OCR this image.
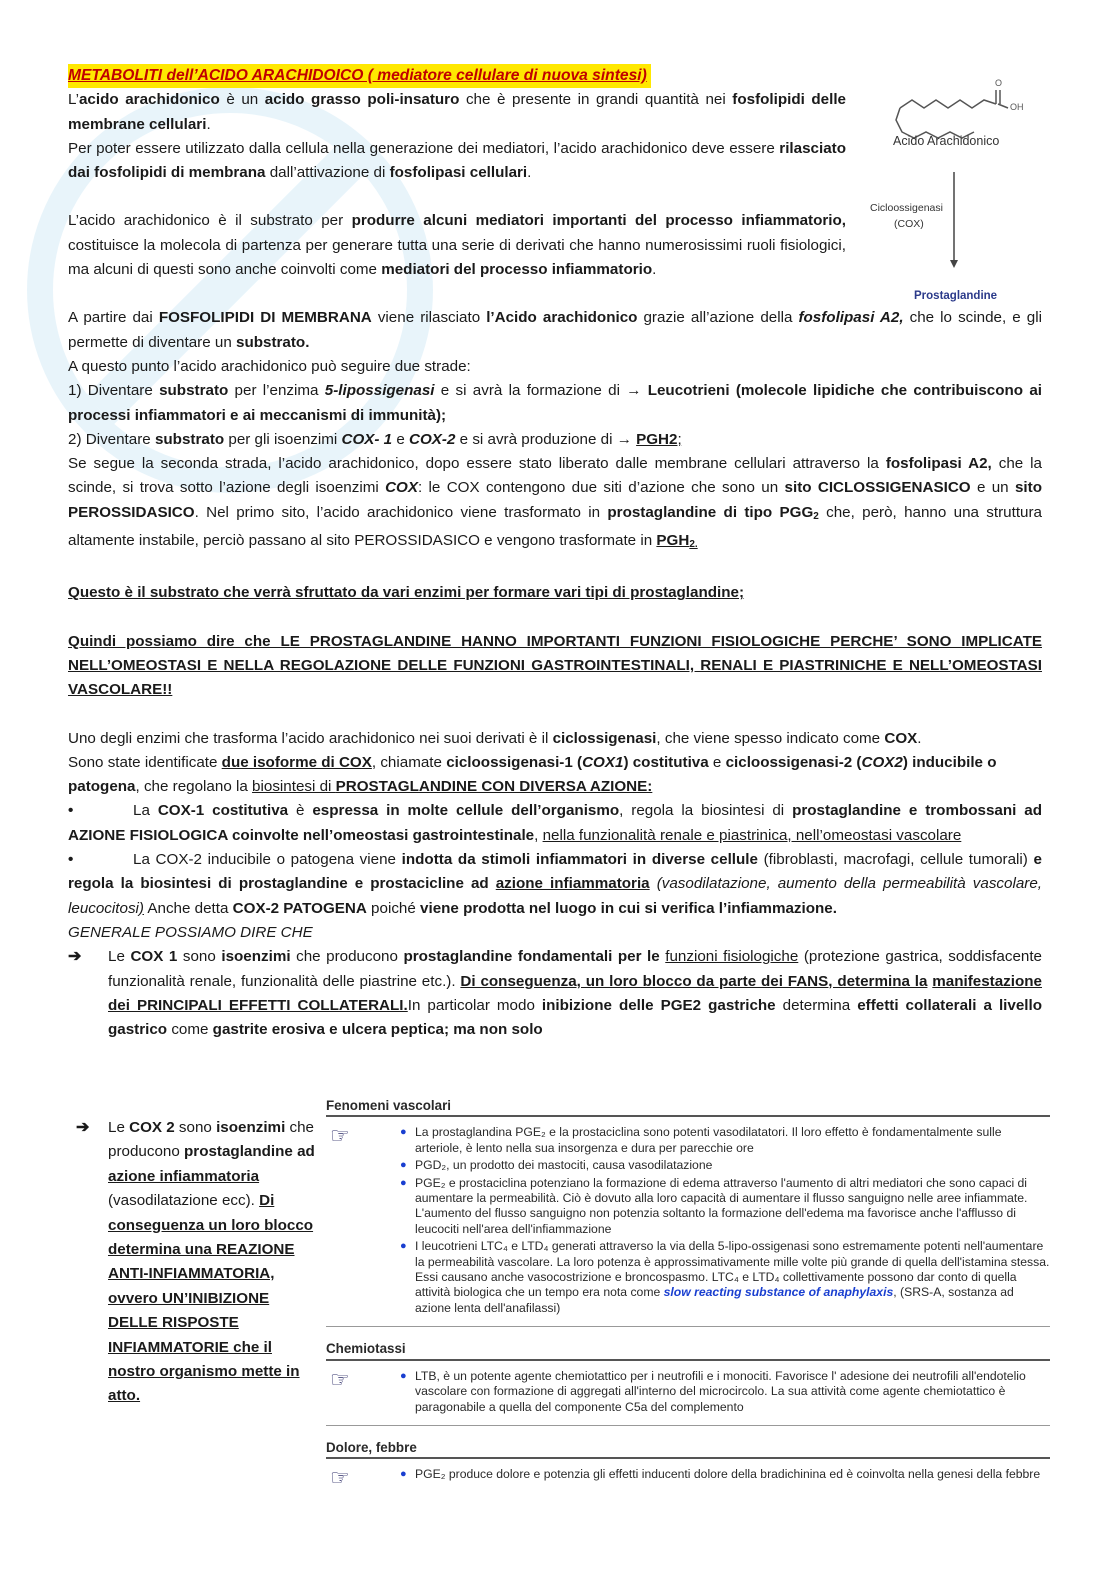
O
OH
Acido Arachidonico
Cicloossigenasi
(COX)
Prostaglandine

METABOLITI dell’ACIDO ARACHIDOICO ( mediatore cellulare di nuova sintesi)

L’acido arachidonico è un acido grasso poli-insaturo che è presente in grandi quantità nei fosfolipidi delle membrane cellulari.

Per poter essere utilizzato dalla cellula nella generazione dei mediatori, l’acido arachidonico deve essere rilasciato dai fosfolipidi di membrana dall’attivazione di fosfolipasi cellulari.

L’acido arachidonico è il substrato per produrre alcuni mediatori importanti del processo infiammatorio, costituisce la molecola di partenza per generare tutta una serie di derivati che hanno numerosissimi ruoli fisiologici, ma alcuni di questi sono anche coinvolti come mediatori del processo infiammatorio.

A partire dai FOSFOLIPIDI DI MEMBRANA viene rilasciato l’Acido arachidonico grazie all’azione della fosfolipasi A2, che lo scinde, e gli permette di diventare un substrato.

A questo punto l’acido arachidonico può seguire due strade:

1) Diventare substrato per l’enzima 5-lipossigenasi e si avrà la formazione di → Leucotrieni (molecole lipidiche che contribuiscono ai processi infiammatori e ai meccanismi di immunità);

2) Diventare substrato per gli isoenzimi COX- 1 e COX-2 e si avrà produzione di → PGH2;

Se segue la seconda strada, l’acido arachidonico, dopo essere stato liberato dalle membrane cellulari attraverso la fosfolipasi A2, che la scinde, si trova sotto l’azione degli isoenzimi COX: le COX contengono due siti d’azione che sono un sito CICLOSSIGENASICO e un sito PEROSSIDASICO. Nel primo sito, l’acido arachidonico viene trasformato in prostaglandine di tipo PGG2 che, però, hanno una struttura altamente instabile, perciò passano al sito PEROSSIDASICO e vengono trasformate in PGH2.

Questo è il substrato che verrà sfruttato da vari enzimi per formare vari tipi di prostaglandine;

Quindi possiamo dire che LE PROSTAGLANDINE HANNO IMPORTANTI FUNZIONI FISIOLOGICHE PERCHE’ SONO IMPLICATE NELL’OMEOSTASI E NELLA REGOLAZIONE DELLE FUNZIONI GASTROINTESTINALI, RENALI E PIASTRINICHE E NELL’OMEOSTASI VASCOLARE!!

Uno degli enzimi che trasforma l’acido arachidonico nei suoi derivati è il ciclossigenasi, che viene spesso indicato come COX.

Sono state identificate due isoforme di COX, chiamate cicloossigenasi-1 (COX1) costitutiva e cicloossigenasi-2 (COX2) inducibile o patogena, che regolano la biosintesi di PROSTAGLANDINE CON DIVERSA AZIONE:

•	La COX-1 costitutiva è espressa in molte cellule dell’organismo, regola la biosintesi di prostaglandine e trombossani ad AZIONE FISIOLOGICA coinvolte nell’omeostasi gastrointestinale, nella funzionalità renale e piastrinica, nell’omeostasi vascolare

•	La COX-2 inducibile o patogena viene indotta da stimoli infiammatori in diverse cellule (fibroblasti, macrofagi, cellule tumorali) e regola la biosintesi di prostaglandine e prostacicline ad azione infiammatoria (vasodilatazione, aumento della permeabilità vascolare, leucocitosi) Anche detta COX-2 PATOGENA poiché viene prodotta nel luogo in cui si verifica l’infiammazione.

GENERALE POSSIAMO DIRE CHE

➔	Le COX 1 sono isoenzimi che producono prostaglandine fondamentali per le funzioni fisiologiche (protezione gastrica, soddisfacente funzionalità renale, funzionalità delle piastrine etc.). Di conseguenza, un loro blocco da parte dei FANS, determina la manifestazione dei PRINCIPALI EFFETTI COLLATERALI.In particolar modo inibizione delle PGE2 gastriche determina effetti collaterali a livello gastrico come gastrite erosiva e ulcera peptica; ma non solo

➔	Le COX 2 sono isoenzimi che producono prostaglandine ad azione infiammatoria (vasodilatazione ecc). Di conseguenza un loro blocco determina una REAZIONE ANTI-INFIAMMATORIA, ovvero UN’INIBIZIONE DELLE RISPOSTE INFIAMMATORIE che il nostro organismo mette in atto.

Fenomeni vascolari
☞	● La prostaglandina PGE₂ e la prostaciclina sono potenti vasodilatatori. Il loro effetto è fondamentalmente sulle arteriole, è lento nella sua insorgenza e dura per parecchie ore
● PGD₂, un prodotto dei mastociti, causa vasodilatazione
● PGE₂ e prostaciclina potenziano la formazione di edema attraverso l'aumento di altri mediatori che sono capaci di aumentare la permeabilità. Ciò è dovuto alla loro capacità di aumentare il flusso sanguigno nelle aree infiammate. L'aumento del flusso sanguigno non potenzia soltanto la formazione dell'edema ma favorisce anche l'afflusso di leucociti nell'area dell'infiammazione
● I leucotrieni LTC₄ e LTD₄ generati attraverso la via della 5-lipo-ossigenasi sono estremamente potenti nell'aumentare la permeabilità vascolare. La loro potenza è approssimativamente mille volte più grande di quella dell'istamina stessa. Essi causano anche vasocostrizione e broncospasmo. LTC₄ e LTD₄ collettivamente possono dar conto di quella attività biologica che un tempo era nota come slow reacting substance of anaphylaxis, (SRS-A, sostanza ad azione lenta dell'anafilassi)
Chemiotassi
☞	● LTB, è un potente agente chemiotattico per i neutrofili e i monociti. Favorisce l' adesione dei neutrofili all'endotelio vascolare con formazione di aggregati all'interno del microcircolo. La sua attività come agente chemiotattico è paragonabile a quella del componente C5a del complemento
Dolore, febbre
☞	● PGE₂ produce dolore e potenzia gli effetti inducenti dolore della bradichinina ed è coinvolta nella genesi della febbre
